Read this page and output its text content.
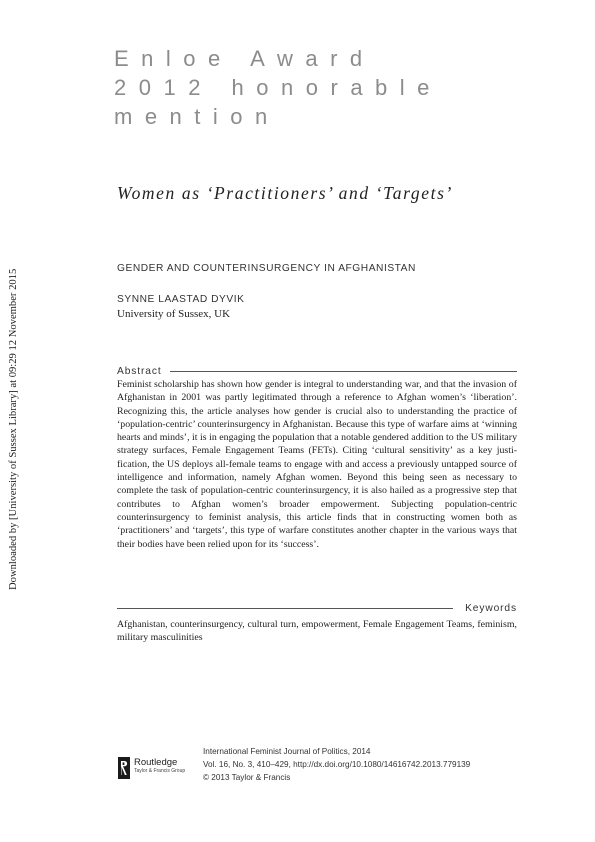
Enloe Award
2012 honorable
mention
Women as ‘Practitioners’ and ‘Targets’
Downloaded by [University of Sussex Library] at 09:29 12 November 2015
GENDER AND COUNTERINSURGENCY IN AFGHANISTAN
SYNNE LAASTAD DYVIK
University of Sussex, UK
Abstract

Feminist scholarship has shown how gender is integral to understanding war, and that the invasion of Afghanistan in 2001 was partly legitimated through a reference to Afghan women’s ‘liberation’. Recognizing this, the article analyses how gender is crucial also to understanding the practice of ‘population-centric’ counterinsurgency in Afghanistan. Because this type of warfare aims at ‘winning hearts and minds’, it is in engaging the population that a notable gendered addition to the US military strategy surfaces, Female Engagement Teams (FETs). Citing ‘cultural sensitivity’ as a key justification, the US deploys all-female teams to engage with and access a previously untapped source of intelligence and information, namely Afghan women. Beyond this being seen as necessary to complete the task of population-centric counterinsurgency, it is also hailed as a progressive step that contributes to Afghan women’s broader empowerment. Subjecting population-centric counterinsurgency to feminist analysis, this article finds that in constructing women both as ‘practitioners’ and ‘targets’, this type of warfare constitutes another chapter in the various ways that their bodies have been relied upon for its ‘success’.

Keywords

Afghanistan, counterinsurgency, cultural turn, empowerment, Female Engagement Teams, feminism, military masculinities

Routledge
Taylor & Francis Group
International Feminist Journal of Politics, 2014
Vol. 16, No. 3, 410–429, http://dx.doi.org/10.1080/14616742.2013.779139
© 2013 Taylor & Francis
